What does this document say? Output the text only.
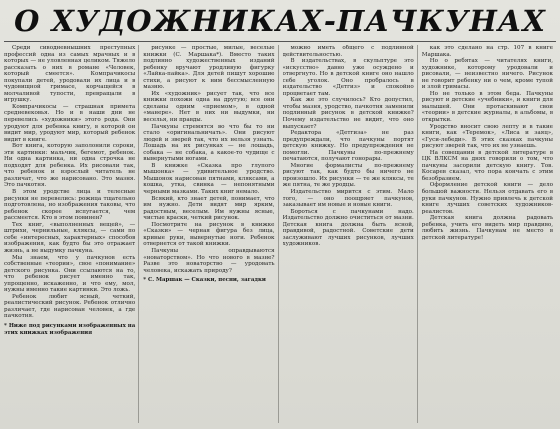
О ХУДОЖНИКАХ-ПАЧКУНАХ

Среди сиводневнышних преступных профессий одна из самых мрачных и в которых — не уловленная целиком. Тяжело рассказать о них в романе «Человек, который смеется». Компрачикосы покупали детей, уродовали их лица и в чудовищной гримасе, корчащейся в молчаливой тупости, превращали в игрушку.

Компрачикосы — страшная примета средневековья. Но и в наши дни не перевелись «художники» этого рода. Они уродуют для ребенка книгу, в которой он видит мир, уродуют мир, который ребенок видит в книге.

Вот книга, которую заполонили сороки, эти картинки: мальчик, бегемот, ребенок. Ни одна картинка, ни одна строчка не подходят для ребенка. Их рисовали так, что ребенок и взрослый читатель не различат, что же нарисовано. Это мазня. Это пачкотня.

В этом уродстве лица и телесные рисунки не перевелись: рожица тщательно подготовлена, но изображения таковы, что ребенок скорее испугается, чем рассмеется. Кто в этом повинен?

Тех книг, «выполненных вещей», — штрихи, чернильные, кляксы, — сами по себе «интересных, характерных» способов изображения, как будто бы это отражает жизнь, а не выдумку пачкуна.

Мы знаем, что у пачкунов есть собственные «теории», свое «понимание» детского рисунка. Они ссылаются на то, что ребенок рисует именно так, упрощенно, искаженно, и что ему, мол, нужны именно такие картинки. Это ложь.

Ребенок любит ясный, четкий, реалистический рисунок. Ребенок отлично различает, где нарисован человек, а где пачкотня.

* Ниже под рисунками изображенных на этих книжках изображения

рисунке — простые, милые, веселые книжки (С. Маршака*). Вместо таких подлинно художественных изданий ребенку вручают уродливую фигурку «Лайка-пайка». Для детей пишут хорошие стихи, а рисуют к ним бессмысленную мазню.

Их «художник» рисует так, что все книжки похожи одна на другую; все они сделаны одним «приемом», в одной «манере». Нет в них ни выдумки, ни веселья, ни правды.

Пачкуны стремятся во что бы то ни стало «оригинальничать». Они рисуют людей и зверей так, что их нельзя узнать. Лошадь на их рисунках — не лошадь, собака — не собака, а какое-то чудище с вывернутыми ногами.

В книжке «Сказка про глупого мышонка» — удивительное уродство. Мышонок нарисован пятнами, кляксами, а кошка, утка, свинка — непонятными черными мазками. Таких книг немало.

Всякий, кто знает детей, понимает, что им нужно. Дети видят мир ярким, радостным, веселым. Им нужны ясные, чистые краски, четкий рисунок.

Посмотрите на рисунок в книжке «Сказки» — черная фигура без лица, кривые руки, вывернутые ноги. Ребенок отвернется от такой книжки.

Пачкуны оправдываются «новаторством». Но что нового в мазне? Разве это новаторство — уродовать человека, искажать природу?

* С. Маршак — Сказки, песни, загадки

можно иметь общего с подлинной действительностью.

В издательствах, в скульптуре это «искусство» давно уже осуждено и отвергнуто. Но в детской книге оно нашло себе уголок. Оно пробралось в издательство «Детгиз» и спокойно процветает там.

Как же это случилось? Кто допустил, чтобы мазня, уродство, пачкотня заменили подлинный рисунок в детской книжке? Почему издательство не видит, что оно выпускает?

Редактора «Детгиза» не раз предупреждали, что пачкуны портят детскую книжку. Но предупреждения не помогли. Пачкуны по-прежнему печатаются, получают гонорары.

Многие формалисты по-прежнему рисуют так, как будто бы ничего не произошло. Их рисунки — те же кляксы, те же пятна, те же уродцы.

Издательство мирится с этим. Мало того, — оно поощряет пачкунов, заказывает им новые и новые книги.

Бороться с пачкунами надо. Издательство должно очиститься от мазни. Детская книга должна быть ясной, правдивой, радостной. Советские дети заслуживают лучших рисунков, лучших художников.

как это сделано на стр. 107 в книге Маршака.

Но о ребятах — читателях книги, художнике, которому уродовали и рисовали, — неизвестно ничего. Рисунок не говорит ребенку ни о чем, кроме тупой и злой гримасы.

Но не только в этом беда. Пачкуны рисуют и детские «учебники», и книги для малышей. Они протаскивают свои «теории» в детские журналы, в альбомы, в открытки.

Уродство вносит свою лепту и в такие книги, как «Теремок», «Лиса и заяц», «Гуси-лебеди». В этих сказках пачкуны рисуют зверей так, что их не узнаешь.

На совещании в детской литературе в ЦК ВЛКСМ на днях говорили о том, что пачкуны засорили детскую книгу. Тов. Косарев сказал, что пора кончать с этим безобразием.

Оформление детской книги — дело большой важности. Нельзя отдавать его в руки пачкунов. Нужно привлечь к детской книге лучших советских художников-реалистов.

Детская книга должна радовать ребенка, учить его видеть мир правдиво, любить жизнь. Пачкунам не место в детской литературе!
